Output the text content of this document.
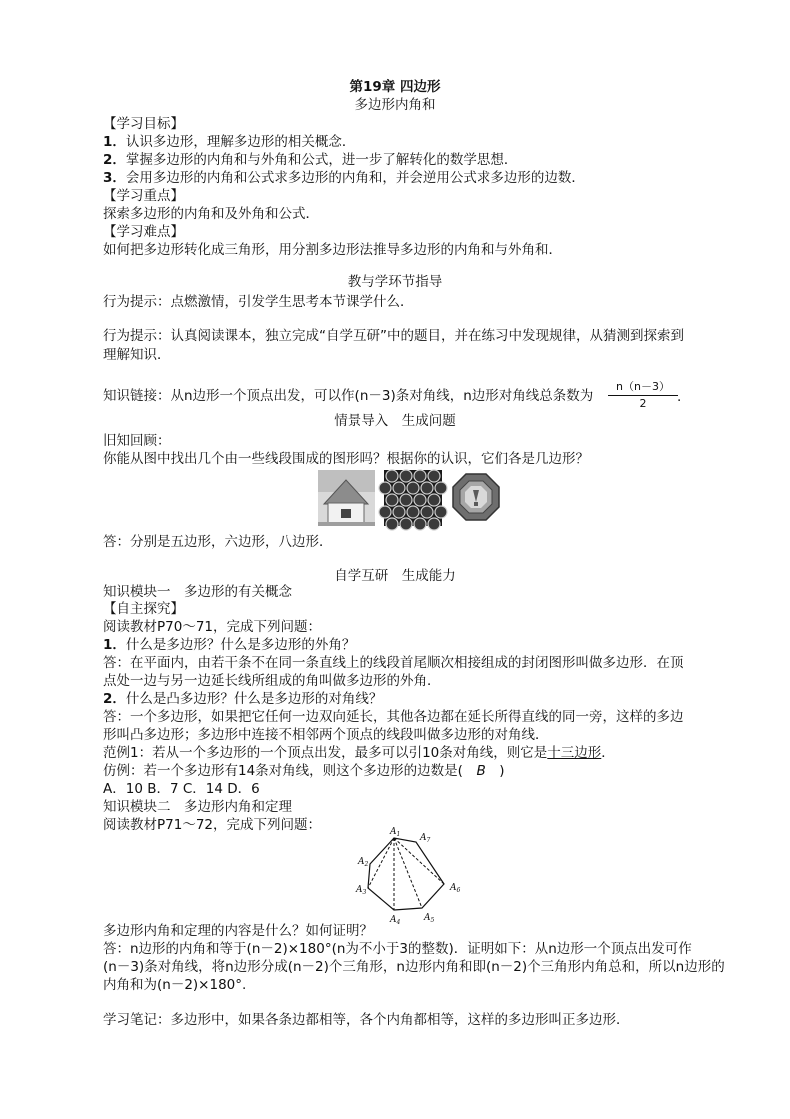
第19章 四边形
多边形内角和
【学习目标】
1．认识多边形，理解多边形的相关概念．
2．掌握多边形的内角和与外角和公式，进一步了解转化的数学思想．
3．会用多边形的内角和公式求多边形的内角和，并会逆用公式求多边形的边数．
【学习重点】
探索多边形的内角和及外角和公式．
【学习难点】
如何把多边形转化成三角形，用分割多边形法推导多边形的内角和与外角和．
教与学环节指导
行为提示：点燃激情，引发学生思考本节课学什么．
行为提示：认真阅读课本，独立完成“自学互研”中的题目，并在练习中发现规律，从猜测到探索到
理解知识．
知识链接：从n边形一个顶点出发，可以作(n－3)条对角线，n边形对角线总条数为
n（n－3）
2	.
情景导入　生成问题
旧知回顾：
你能从图中找出几个由一些线段围成的图形吗？根据你的认识，它们各是几边形？
答：分别是五边形，六边形，八边形．
自学互研　生成能力
知识模块一　多边形的有关概念
【自主探究】
阅读教材P70～71，完成下列问题：
1．什么是多边形？什么是多边形的外角？
答：在平面内，由若干条不在同一条直线上的线段首尾顺次相接组成的封闭图形叫做多边形．在顶
点处一边与另一边延长线所组成的角叫做多边形的外角．
2．什么是凸多边形？什么是多边形的对角线？
答：一个多边形，如果把它任何一边双向延长，其他各边都在延长所得直线的同一旁，这样的多边
形叫凸多边形；多边形中连接不相邻两个顶点的线段叫做多边形的对角线．
范例1：若从一个多边形的一个顶点出发，最多可以引10条对角线，则它是十三边形．
仿例：若一个多边形有14条对角线，则这个多边形的边数是(　B　)
A．10 B．7 C．14 D．6
知识模块二　多边形内角和定理
阅读教材P71～72，完成下列问题：	$A_1$
$A_2$
$A_3$
$A_4$	$A_5$
$A_6$
$A_7$
多边形内角和定理的内容是什么？如何证明？
答：n边形的内角和等于(n－2)×180°(n为不小于3的整数)．证明如下：从n边形一个顶点出发可作
(n－3)条对角线，将n边形分成(n－2)个三角形，n边形内角和即(n－2)个三角形内角总和，所以n边形的
内角和为(n－2)×180°.
学习笔记：多边形中，如果各条边都相等，各个内角都相等，这样的多边形叫正多边形．
